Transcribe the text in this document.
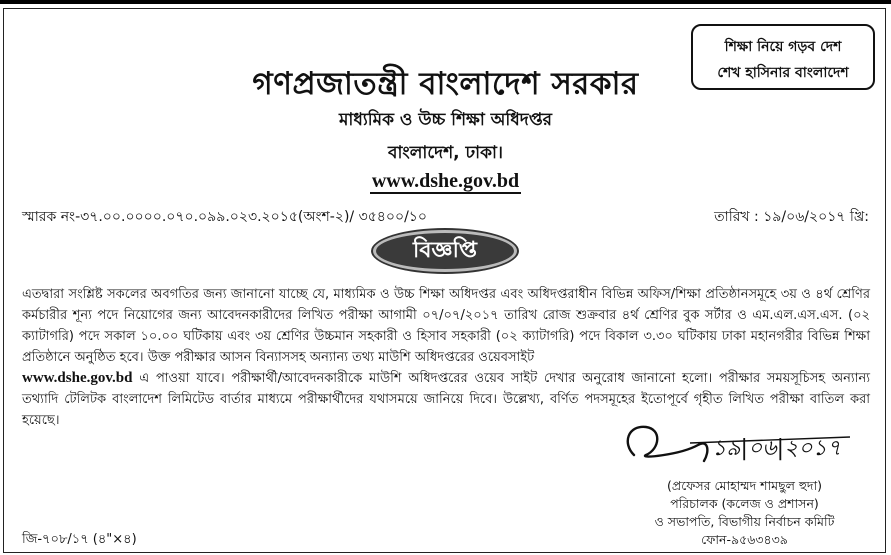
শিক্ষা নিয়ে গড়ব দেশ
শেখ হাসিনার বাংলাদেশ
গণপ্রজাতন্ত্রী বাংলাদেশ সরকার
মাধ্যমিক ও উচ্চ শিক্ষা অধিদপ্তর
বাংলাদেশ, ঢাকা।
www.dshe.gov.bd
স্মারক নং-৩৭.০০.০০০০.০৭০.০৯৯.০২৩.২০১৫(অংশ-২)/ ৩৫৪০০/১০	তারিখ : ১৯/০৬/২০১৭ খ্রি:
বিজ্ঞপ্তি
এতদ্বারা সংশ্লিষ্ট সকলের অবগতির জন্য জানানো যাচ্ছে যে, মাধ্যমিক ও উচ্চ শিক্ষা অধিদপ্তর এবং অধিদপ্তরাধীন বিভিন্ন অফিস/শিক্ষা প্রতিষ্ঠানসমূহে ৩য় ও ৪র্থ শ্রেণির কর্মচারীর শূন্য পদে নিয়োগের জন্য আবেদনকারীদের লিখিত পরীক্ষা আগামী ০৭/০৭/২০১৭ তারিখ রোজ শুক্রবার ৪র্থ শ্রেণির বুক সর্টার ও এম.এল.এস.এস. (০২ ক্যাটাগরি) পদে সকাল ১০.০০ ঘটিকায় এবং ৩য় শ্রেণির উচ্চমান সহকারী ও হিসাব সহকারী (০২ ক্যাটাগরি) পদে বিকাল ৩.৩০ ঘটিকায় ঢাকা মহানগরীর বিভিন্ন শিক্ষা প্রতিষ্ঠানে অনুষ্ঠিত হবে। উক্ত পরীক্ষার আসন বিন্যাসসহ অন্যান্য তথ্য মাউশি অধিদপ্তরের ওয়েবসাইট
www.dshe.gov.bd এ পাওয়া যাবে। পরীক্ষার্থী/আবেদনকারীকে মাউশি অধিদপ্তরের ওয়েব সাইট দেখার অনুরোধ জানানো হলো। পরীক্ষার সময়সূচিসহ অন্যান্য তথ্যাদি টেলিটক বাংলাদেশ লিমিটেড বার্তার মাধ্যমে পরীক্ষার্থীদের যথাসময়ে জানিয়ে দিবে। উল্লেখ্য, বর্ণিত পদসমূহের ইতোপূর্বে গৃহীত লিখিত পরীক্ষা বাতিল করা হয়েছে।
১৯|০৬|২০১৭
(প্রফেসর মোহাম্মদ শামছুল হুদা)
পরিচালক (কলেজ ও প্রশাসন)
ও সভাপতি, বিভাগীয় নির্বাচন কমিটি
ফোন-৯৫৬৩৪৩৯
জি-৭০৮/১৭ (৪"×৪)
